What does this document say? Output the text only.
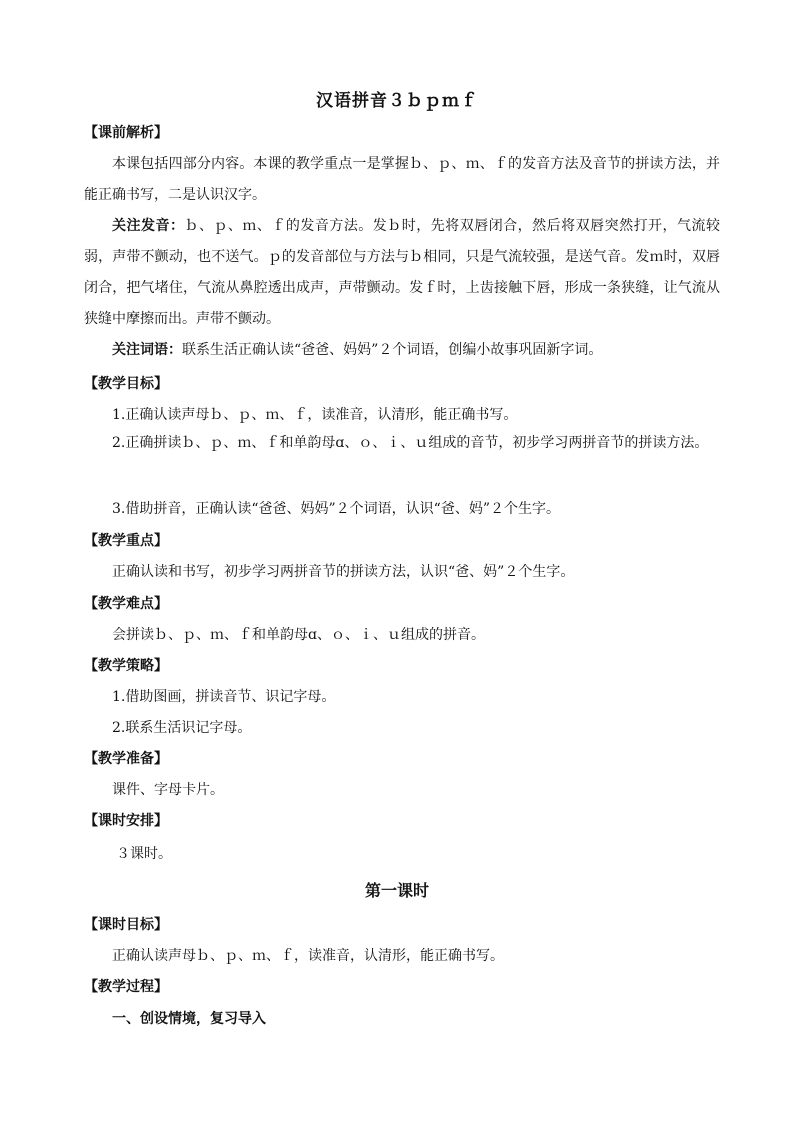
汉语拼音３ｂｐｍｆ
【课前解析】
本课包括四部分内容。本课的教学重点一是掌握ｂ、ｐ、ｍ、ｆ的发音方法及音节的拼读方法，并能正确书写，二是认识汉字。
关注发音：ｂ、ｐ、ｍ、ｆ的发音方法。发ｂ时，先将双唇闭合，然后将双唇突然打开，气流较弱，声带不颤动，也不送气。ｐ的发音部位与方法与ｂ相同，只是气流较强，是送气音。发ｍ时，双唇闭合，把气堵住，气流从鼻腔透出成声，声带颤动。发ｆ时，上齿接触下唇，形成一条狭缝，让气流从狭缝中摩擦而出。声带不颤动。
关注词语：联系生活正确认读“爸爸、妈妈”２个词语，创编小故事巩固新字词。
【教学目标】
1.正确认读声母ｂ、ｐ、ｍ、ｆ，读准音，认清形，能正确书写。
2.正确拼读ｂ、ｐ、ｍ、ｆ和单韵母ɑ、ｏ、ｉ、ｕ组成的音节，初步学习两拼音节的拼读方法。
3.借助拼音，正确认读“爸爸、妈妈”２个词语，认识“爸、妈”２个生字。
【教学重点】
正确认读和书写，初步学习两拼音节的拼读方法，认识“爸、妈”２个生字。
【教学难点】
会拼读ｂ、ｐ、ｍ、ｆ和单韵母ɑ、ｏ、ｉ、ｕ组成的拼音。
【教学策略】
1.借助图画，拼读音节、识记字母。
2.联系生活识记字母。
【教学准备】
课件、字母卡片。
【课时安排】
３课时。
第一课时
【课时目标】
正确认读声母ｂ、ｐ、ｍ、ｆ，读准音，认清形，能正确书写。
【教学过程】
一、创设情境，复习导入
